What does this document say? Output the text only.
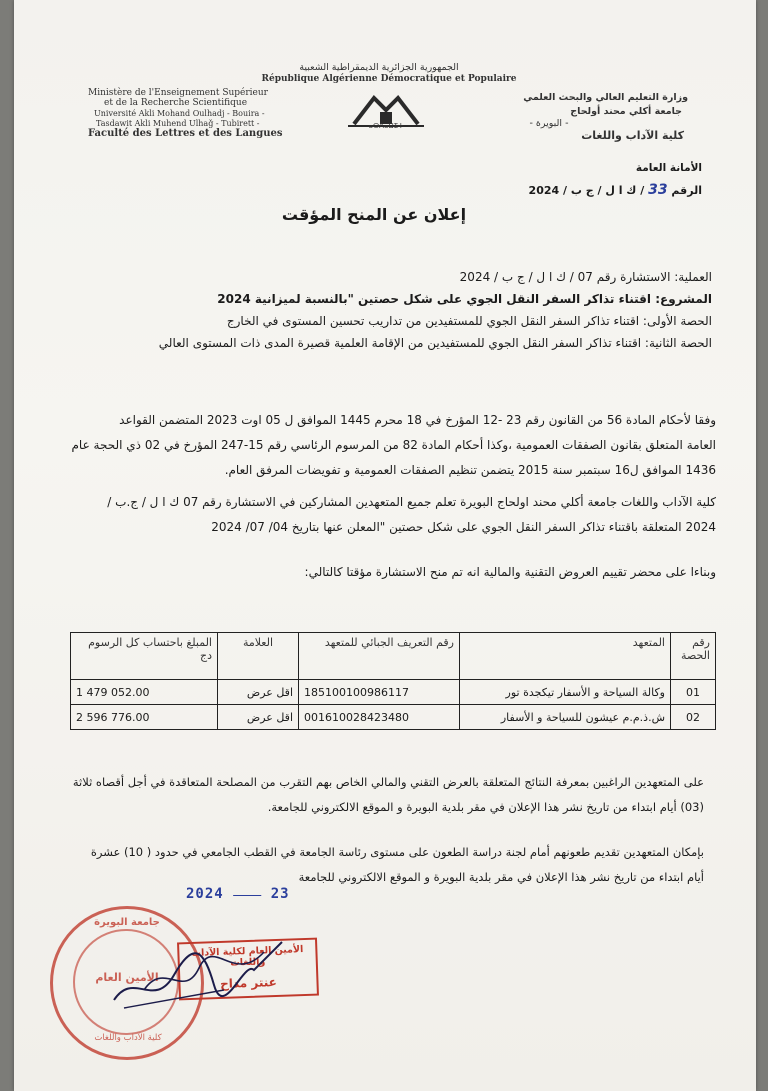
الجمهورية الجزائرية الديمقراطية الشعبية
République Algérienne Démocratique et Populaire
Ministère de l'Enseignement Supérieur
et de la Recherche Scientifique
Université Akli Mohand Oulhadj - Bouira -
Tasdawit Akli Muhend Ulhaǧ - Tubirett -
Faculté des Lettres et des Langues
ⴰⵙⴷⴰⵡⵉⵜ
وزارة التعليم العالي والبحث العلمي
جامعة أكلي محند أولحاج
- البويرة -
كلية الآداب واللغات
الأمانة العامة
الرقم 33 / ك ا ل / ج ب / 2024
إعلان عن المنح المؤقت
العملية: الاستشارة رقم 07 / ك ا ل / ج ب / 2024
المشروع: اقتناء تذاكر السفر النقل الجوي على شكل حصتين "بالنسبة لميزانية 2024
الحصة الأولى: اقتناء تذاكر السفر النقل الجوي للمستفيدين من تداريب تحسين المستوى في الخارج
الحصة الثانية: اقتناء تذاكر السفر النقل الجوي للمستفيدين من الإقامة العلمية قصيرة المدى ذات المستوى العالي
وفقا لأحكام المادة 56 من القانون رقم 23 -12 المؤرخ في 18 محرم 1445 الموافق ل 05 اوت 2023 المتضمن القواعد
العامة المتعلق بقانون الصفقات العمومية ،وكذا أحكام المادة 82 من المرسوم الرئاسي رقم 15-247 المؤرخ في 02 ذي الحجة عام
1436 الموافق ل16 سبتمبر سنة 2015 يتضمن تنظيم الصفقات العمومية و تفويضات المرفق العام.
كلية الآداب واللغات جامعة أكلي محند اولحاج البويرة تعلم جميع المتعهدين المشاركين في الاستشارة رقم 07 ك ا ل / ج.ب /
2024 المتعلقة باقتناء تذاكر السفر النقل الجوي على شكل حصتين "المعلن عنها بتاريخ 04/ 07/ 2024
وبناءا على محضر تقييم العروض التقنية والمالية انه تم منح الاستشارة مؤقتا كالتالي:
رقم الحصة	المتعهد	رقم التعريف الجبائي للمتعهد	العلامة	المبلغ باحتساب كل الرسوم دج
01	وكالة السياحة و الأسفار تيكجدة تور	185100100986117	اقل عرض	1 479 052.00
02	ش.ذ.م.م عيشون للسياحة و الأسفار	001610028423480	اقل عرض	2 596 776.00
على المتعهدين الراغبين بمعرفة النتائج المتعلقة بالعرض التقني والمالي الخاص بهم التقرب من المصلحة المتعاقدة في أجل أقصاه ثلاثة
(03) أيام ابتداء من تاريخ نشر هذا الإعلان في مقر بلدية البويرة و الموقع الالكتروني للجامعة.
بإمكان المتعهدين تقديم طعونهم أمام لجنة دراسة الطعون على مستوى رئاسة الجامعة في القطب الجامعي في حدود ( 10) عشرة
أيام ابتداء من تاريخ نشر هذا الإعلان في مقر بلدية البويرة و الموقع الالكتروني للجامعة
2024	23
جامعة البويرة
الأمين العام
كلية الآداب واللغات
الأمين العام لكلية الآداب واللغات
عنتر مداح
